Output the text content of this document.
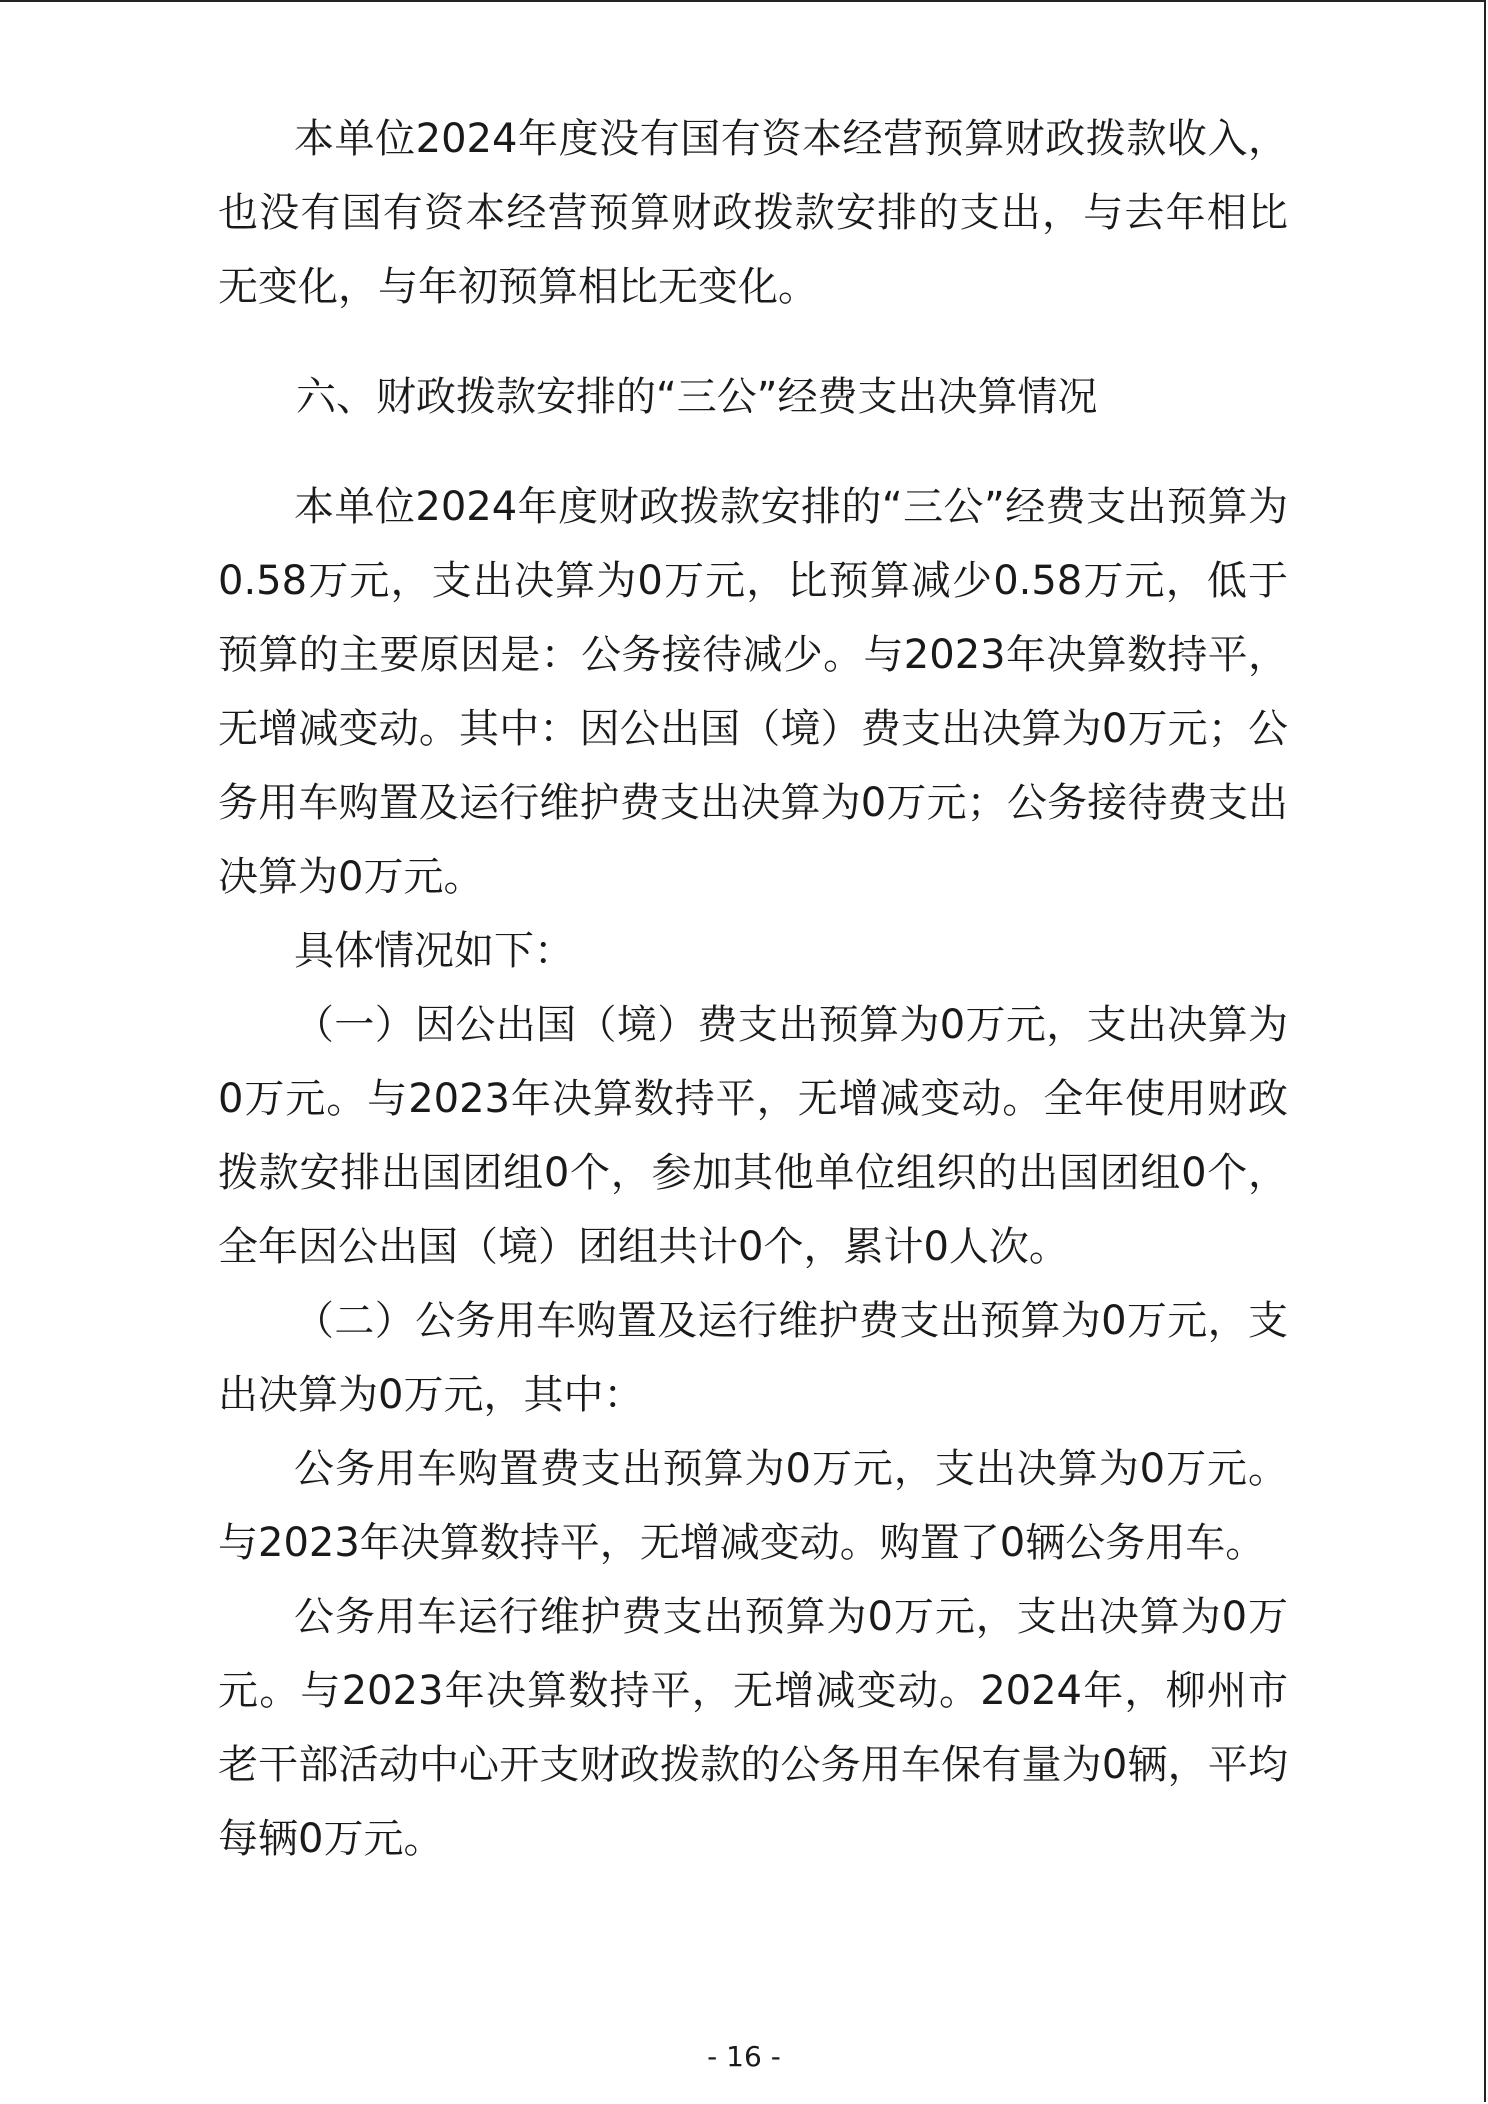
本单位2024年度没有国有资本经营预算财政拨款收入，也没有国有资本经营预算财政拨款安排的支出，与去年相比无变化，与年初预算相比无变化。

六、财政拨款安排的“三公”经费支出决算情况

本单位2024年度财政拨款安排的“三公”经费支出预算为0.58万元，支出决算为0万元，比预算减少0.58万元，低于预算的主要原因是：公务接待减少。与2023年决算数持平，无增减变动。其中：因公出国（境）费支出决算为0万元；公务用车购置及运行维护费支出决算为0万元；公务接待费支出决算为0万元。

具体情况如下：

（一）因公出国（境）费支出预算为0万元，支出决算为0万元。与2023年决算数持平，无增减变动。全年使用财政拨款安排出国团组0个，参加其他单位组织的出国团组0个，全年因公出国（境）团组共计0个，累计0人次。

（二）公务用车购置及运行维护费支出预算为0万元，支出决算为0万元，其中：

公务用车购置费支出预算为0万元，支出决算为0万元。与2023年决算数持平，无增减变动。购置了0辆公务用车。

公务用车运行维护费支出预算为0万元，支出决算为0万元。与2023年决算数持平，无增减变动。2024年，柳州市老干部活动中心开支财政拨款的公务用车保有量为0辆，平均每辆0万元。

- 16 -
